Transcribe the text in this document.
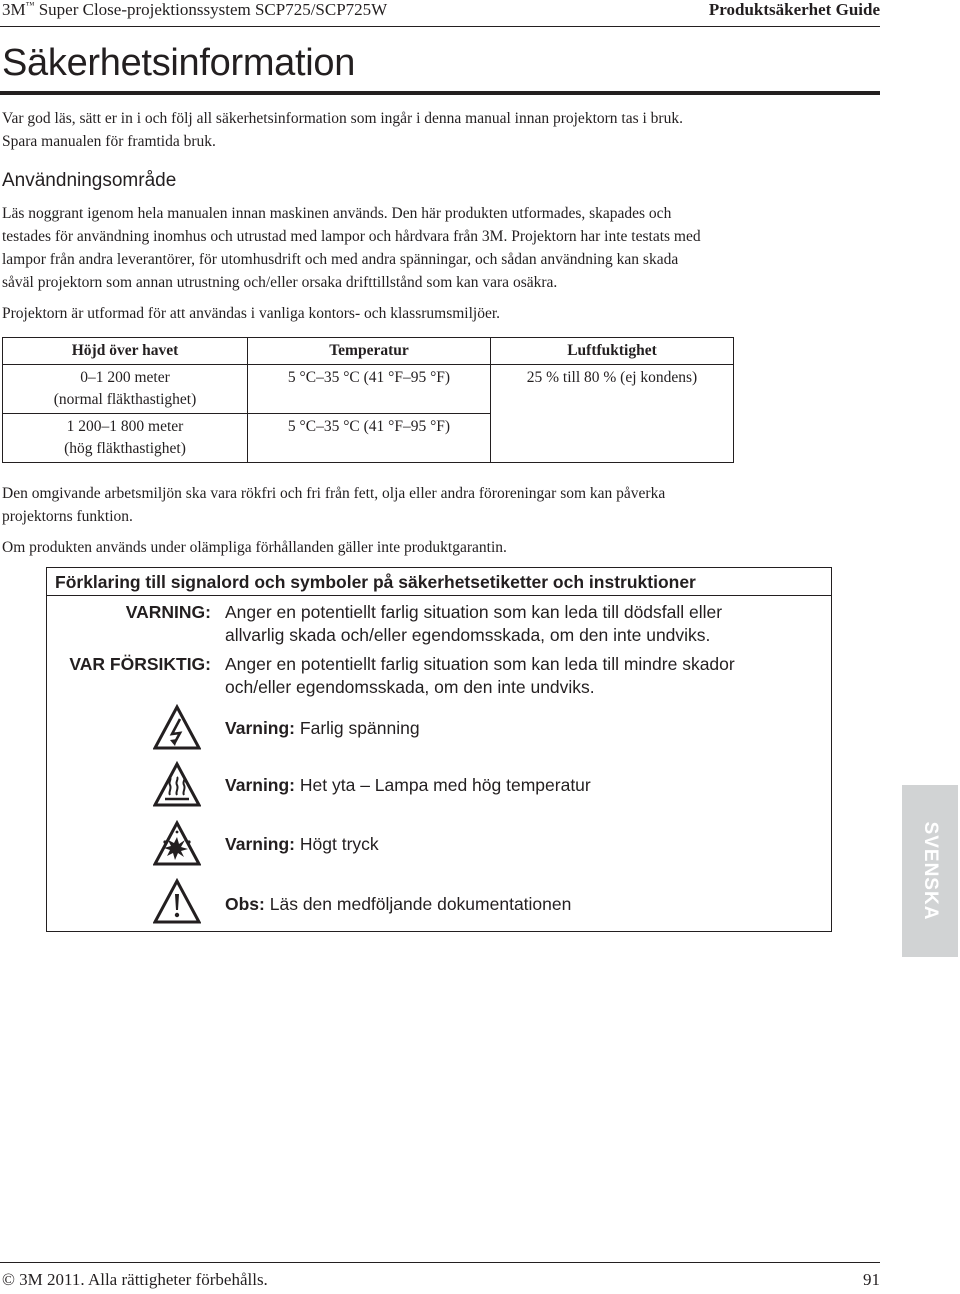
3M™ Super Close-projektionssystem SCP725/SCP725W	Produktsäkerhet Guide
Säkerhetsinformation

Var god läs, sätt er in i och följ all säkerhetsinformation som ingår i denna manual innan projektorn tas i bruk.
Spara manualen för framtida bruk.

Användningsområde

Läs noggrant igenom hela manualen innan maskinen används. Den här produkten utformades, skapades och
testades för användning inomhus och utrustad med lampor och hårdvara från 3M. Projektorn har inte testats med
lampor från andra leverantörer, för utomhusdrift och med andra spänningar, och sådan användning kan skada
såväl projektorn som annan utrustning och/eller orsaka drifttillstånd som kan vara osäkra.

Projektorn är utformad för att användas i vanliga kontors- och klassrumsmiljöer.

Höjd över havet	Temperatur	Luftfuktighet
0–1 200 meter
(normal fläkthastighet)	5 °C–35 °C (41 °F–95 °F)	25 % till 80 % (ej kondens)
1 200–1 800 meter
(hög fläkthastighet)	5 °C–35 °C (41 °F–95 °F)	

Den omgivande arbetsmiljön ska vara rökfri och fri från fett, olja eller andra föroreningar som kan påverka
projektorns funktion.

Om produkten används under olämpliga förhållanden gäller inte produktgarantin.

Förklaring till signalord och symboler på säkerhetsetiketter och instruktioner
VARNING: Anger en potentiellt farlig situation som kan leda till dödsfall eller
allvarlig skada och/eller egendomsskada, om den inte undviks.
VAR FÖRSIKTIG: Anger en potentiellt farlig situation som kan leda till mindre skador
och/eller egendomsskada, om den inte undviks.
Varning: Farlig spänning
Varning: Het yta – Lampa med hög temperatur
Varning: Högt tryck
Obs: Läs den medföljande dokumentationen	SVENSKA
© 3M 2011. Alla rättigheter förbehålls.	91
